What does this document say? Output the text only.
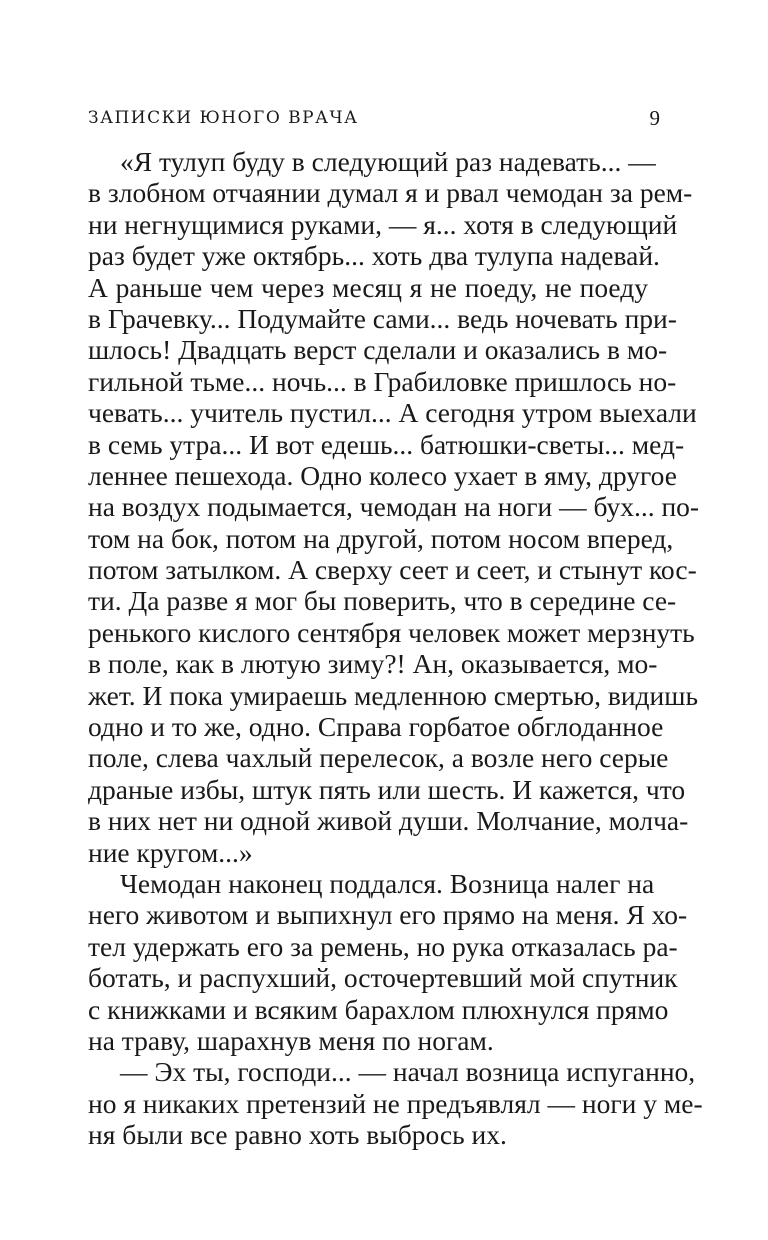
ЗАПИСКИ ЮНОГО ВРАЧА	9
«Я тулуп буду в следующий раз надевать... —
в злобном отчаянии думал я и рвал чемодан за рем-
ни негнущимися руками, — я... хотя в следующий
раз будет уже октябрь... хоть два тулупа надевай.
А раньше чем через месяц я не поеду, не поеду
в Грачевку... Подумайте сами... ведь ночевать при-
шлось! Двадцать верст сделали и оказались в мо-
гильной тьме... ночь... в Грабиловке пришлось но-
чевать... учитель пустил... А сегодня утром выехали
в семь утра... И вот едешь... батюшки-светы... мед-
леннее пешехода. Одно колесо ухает в яму, другое
на воздух подымается, чемодан на ноги — бух... по-
том на бок, потом на другой, потом носом вперед,
потом затылком. А сверху сеет и сеет, и стынут кос-
ти. Да разве я мог бы поверить, что в середине се-
ренького кислого сентября человек может мерзнуть
в поле, как в лютую зиму?! Ан, оказывается, мо-
жет. И пока умираешь медленною смертью, видишь
одно и то же, одно. Справа горбатое обглоданное
поле, слева чахлый перелесок, а возле него серые
драные избы, штук пять или шесть. И кажется, что
в них нет ни одной живой души. Молчание, молча-
ние кругом...»
Чемодан наконец поддался. Возница налег на
него животом и выпихнул его прямо на меня. Я хо-
тел удержать его за ремень, но рука отказалась ра-
ботать, и распухший, осточертевший мой спутник
с книжками и всяким барахлом плюхнулся прямо
на траву, шарахнув меня по ногам.
— Эх ты, господи... — начал возница испуганно,
но я никаких претензий не предъявлял — ноги у ме-
ня были все равно хоть выбрось их.
